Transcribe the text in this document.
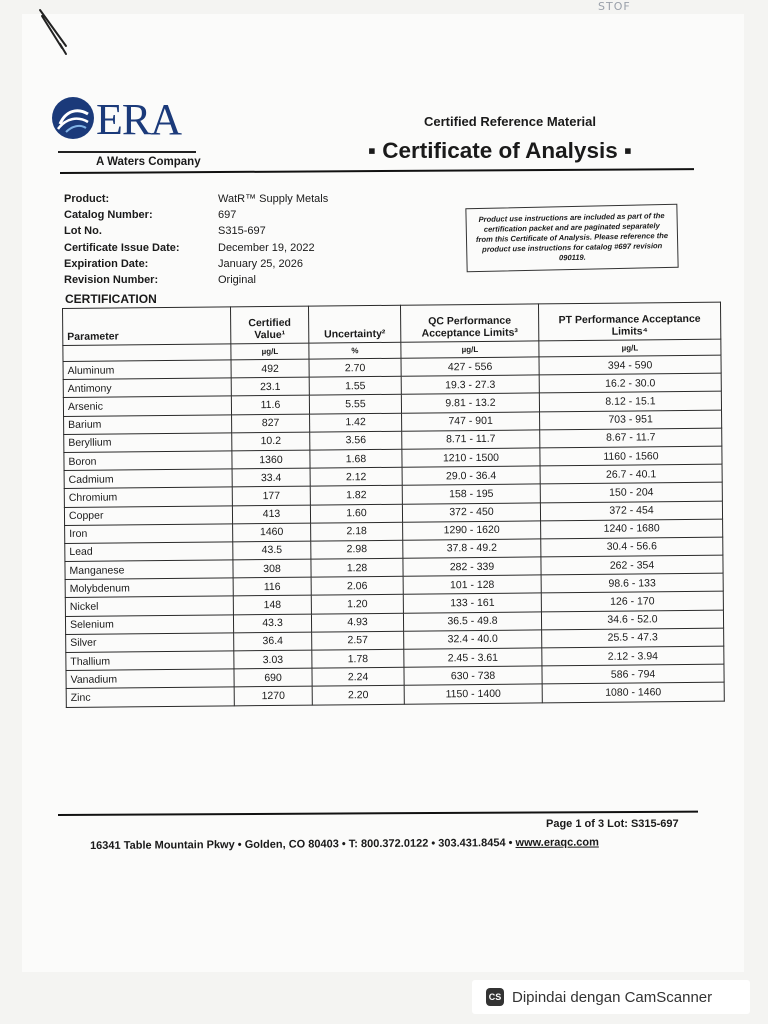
STOF
ERA
A Waters Company
Certified Reference Material
▪ Certificate of Analysis ▪
Product:	WatR™ Supply Metals
Catalog Number:	697
Lot No.	S315-697
Certificate Issue Date:	December 19, 2022
Expiration Date:	January 25, 2026
Revision Number:	Original
Product use instructions are included as part of the certification packet and are paginated separately from this Certificate of Analysis. Please reference the product use instructions for catalog #697 revision 090119.
CERTIFICATION
Parameter	Certified Value¹	Uncertainty²	QC Performance Acceptance Limits³	PT Performance Acceptance Limits⁴
	µg/L	%	µg/L	µg/L
Aluminum	492	2.70	427 - 556	394 - 590
Antimony	23.1	1.55	19.3 - 27.3	16.2 - 30.0
Arsenic	11.6	5.55	9.81 - 13.2	8.12 - 15.1
Barium	827	1.42	747 - 901	703 - 951
Beryllium	10.2	3.56	8.71 - 11.7	8.67 - 11.7
Boron	1360	1.68	1210 - 1500	1160 - 1560
Cadmium	33.4	2.12	29.0 - 36.4	26.7 - 40.1
Chromium	177	1.82	158 - 195	150 - 204
Copper	413	1.60	372 - 450	372 - 454
Iron	1460	2.18	1290 - 1620	1240 - 1680
Lead	43.5	2.98	37.8 - 49.2	30.4 - 56.6
Manganese	308	1.28	282 - 339	262 - 354
Molybdenum	116	2.06	101 - 128	98.6 - 133
Nickel	148	1.20	133 - 161	126 - 170
Selenium	43.3	4.93	36.5 - 49.8	34.6 - 52.0
Silver	36.4	2.57	32.4 - 40.0	25.5 - 47.3
Thallium	3.03	1.78	2.45 - 3.61	2.12 - 3.94
Vanadium	690	2.24	630 - 738	586 - 794
Zinc	1270	2.20	1150 - 1400	1080 - 1460
Page 1 of 3 Lot: S315-697
16341 Table Mountain Pkwy • Golden, CO 80403 • T: 800.372.0122 • 303.431.8454 • www.eraqc.com
CS Dipindai dengan CamScanner
